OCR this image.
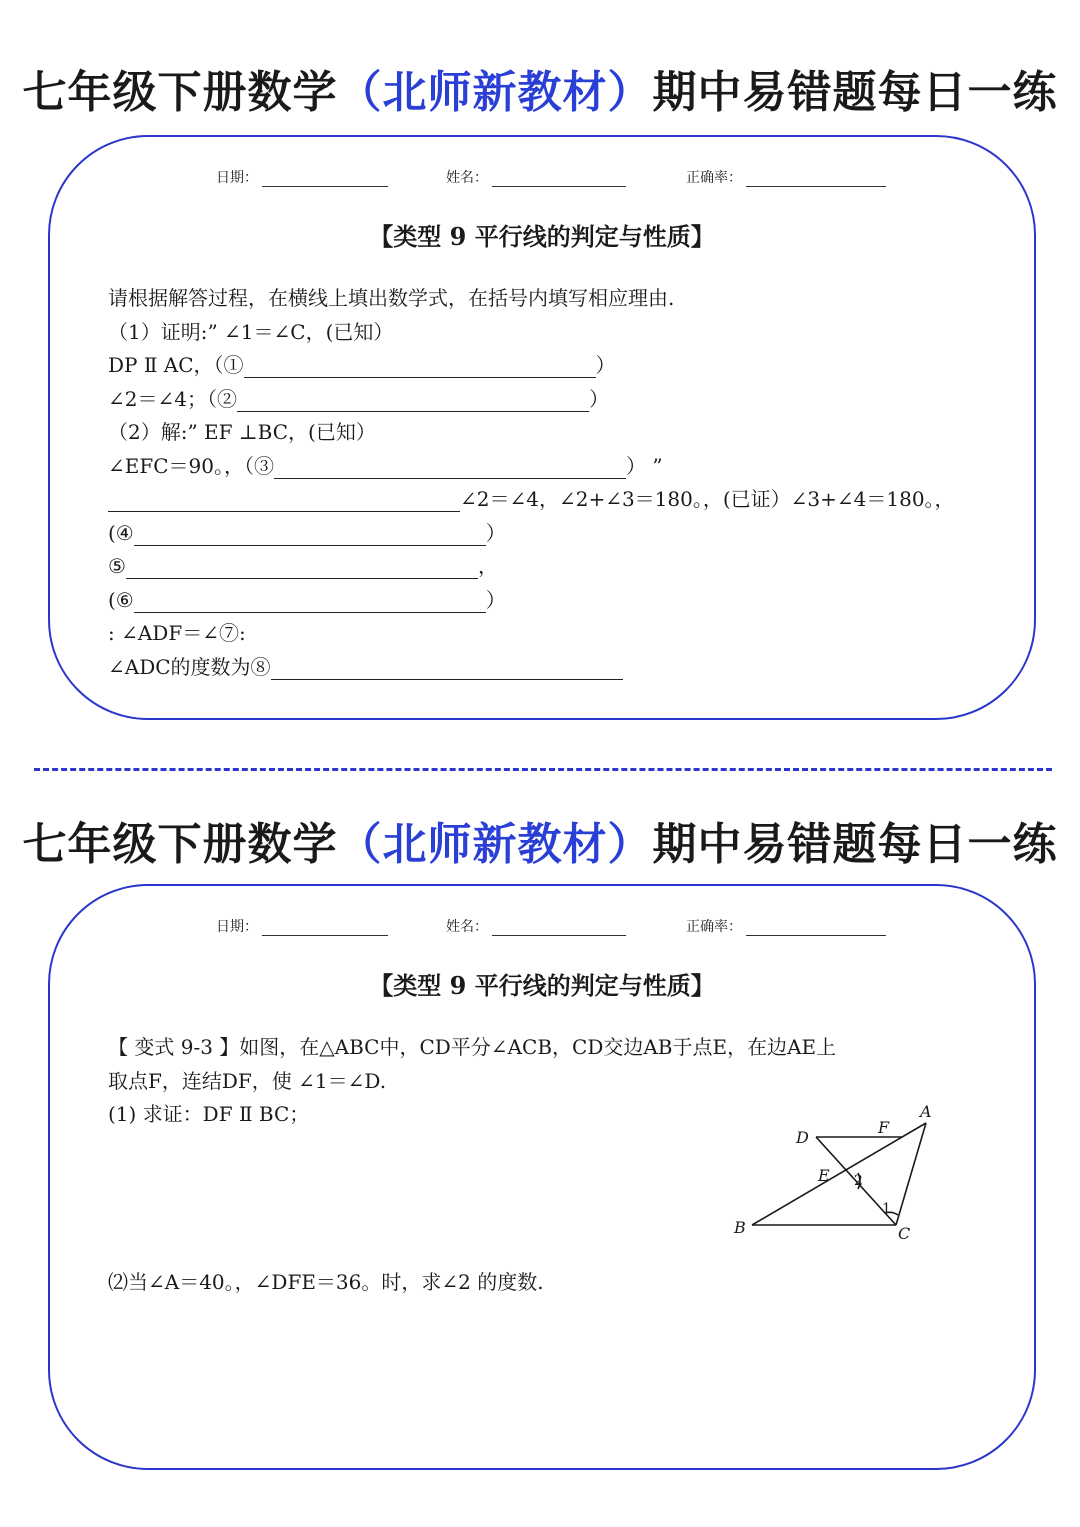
七年级下册数学（北师新教材）期中易错题每日一练
日期：	姓名：	正确率：
【类型 9 平行线的判定与性质】
请根据解答过程，在横线上填出数学式，在括号内填写相应理由.
（1）证明:” ∠1＝∠C，(已知）
DP Ⅱ AC，（①	）
∠2＝∠4；（②	）
（2）解:” EF ⊥BC，(已知）
∠EFC＝90。，（③	） ”
∠2＝∠4，∠2+∠3＝180。，(已证）∠3+∠4＝180。，
(④	）
⑤	，
(⑥	）
: ∠ADF＝∠⑦:
∠ADC的度数为⑧
七年级下册数学（北师新教材）期中易错题每日一练
日期：	姓名：	正确率：
【类型 9 平行线的判定与性质】
【 变式 9-3 】如图，在△ABC中，CD平分∠ACB，CD交边AB于点E，在边AE上
取点F，连结DF，使 ∠1＝∠D.
(1) 求证：DF Ⅱ BC；
⑵当∠A＝40。，∠DFE＝36。时，求∠2 的度数.
A
B	C
D
E
F
2
1
